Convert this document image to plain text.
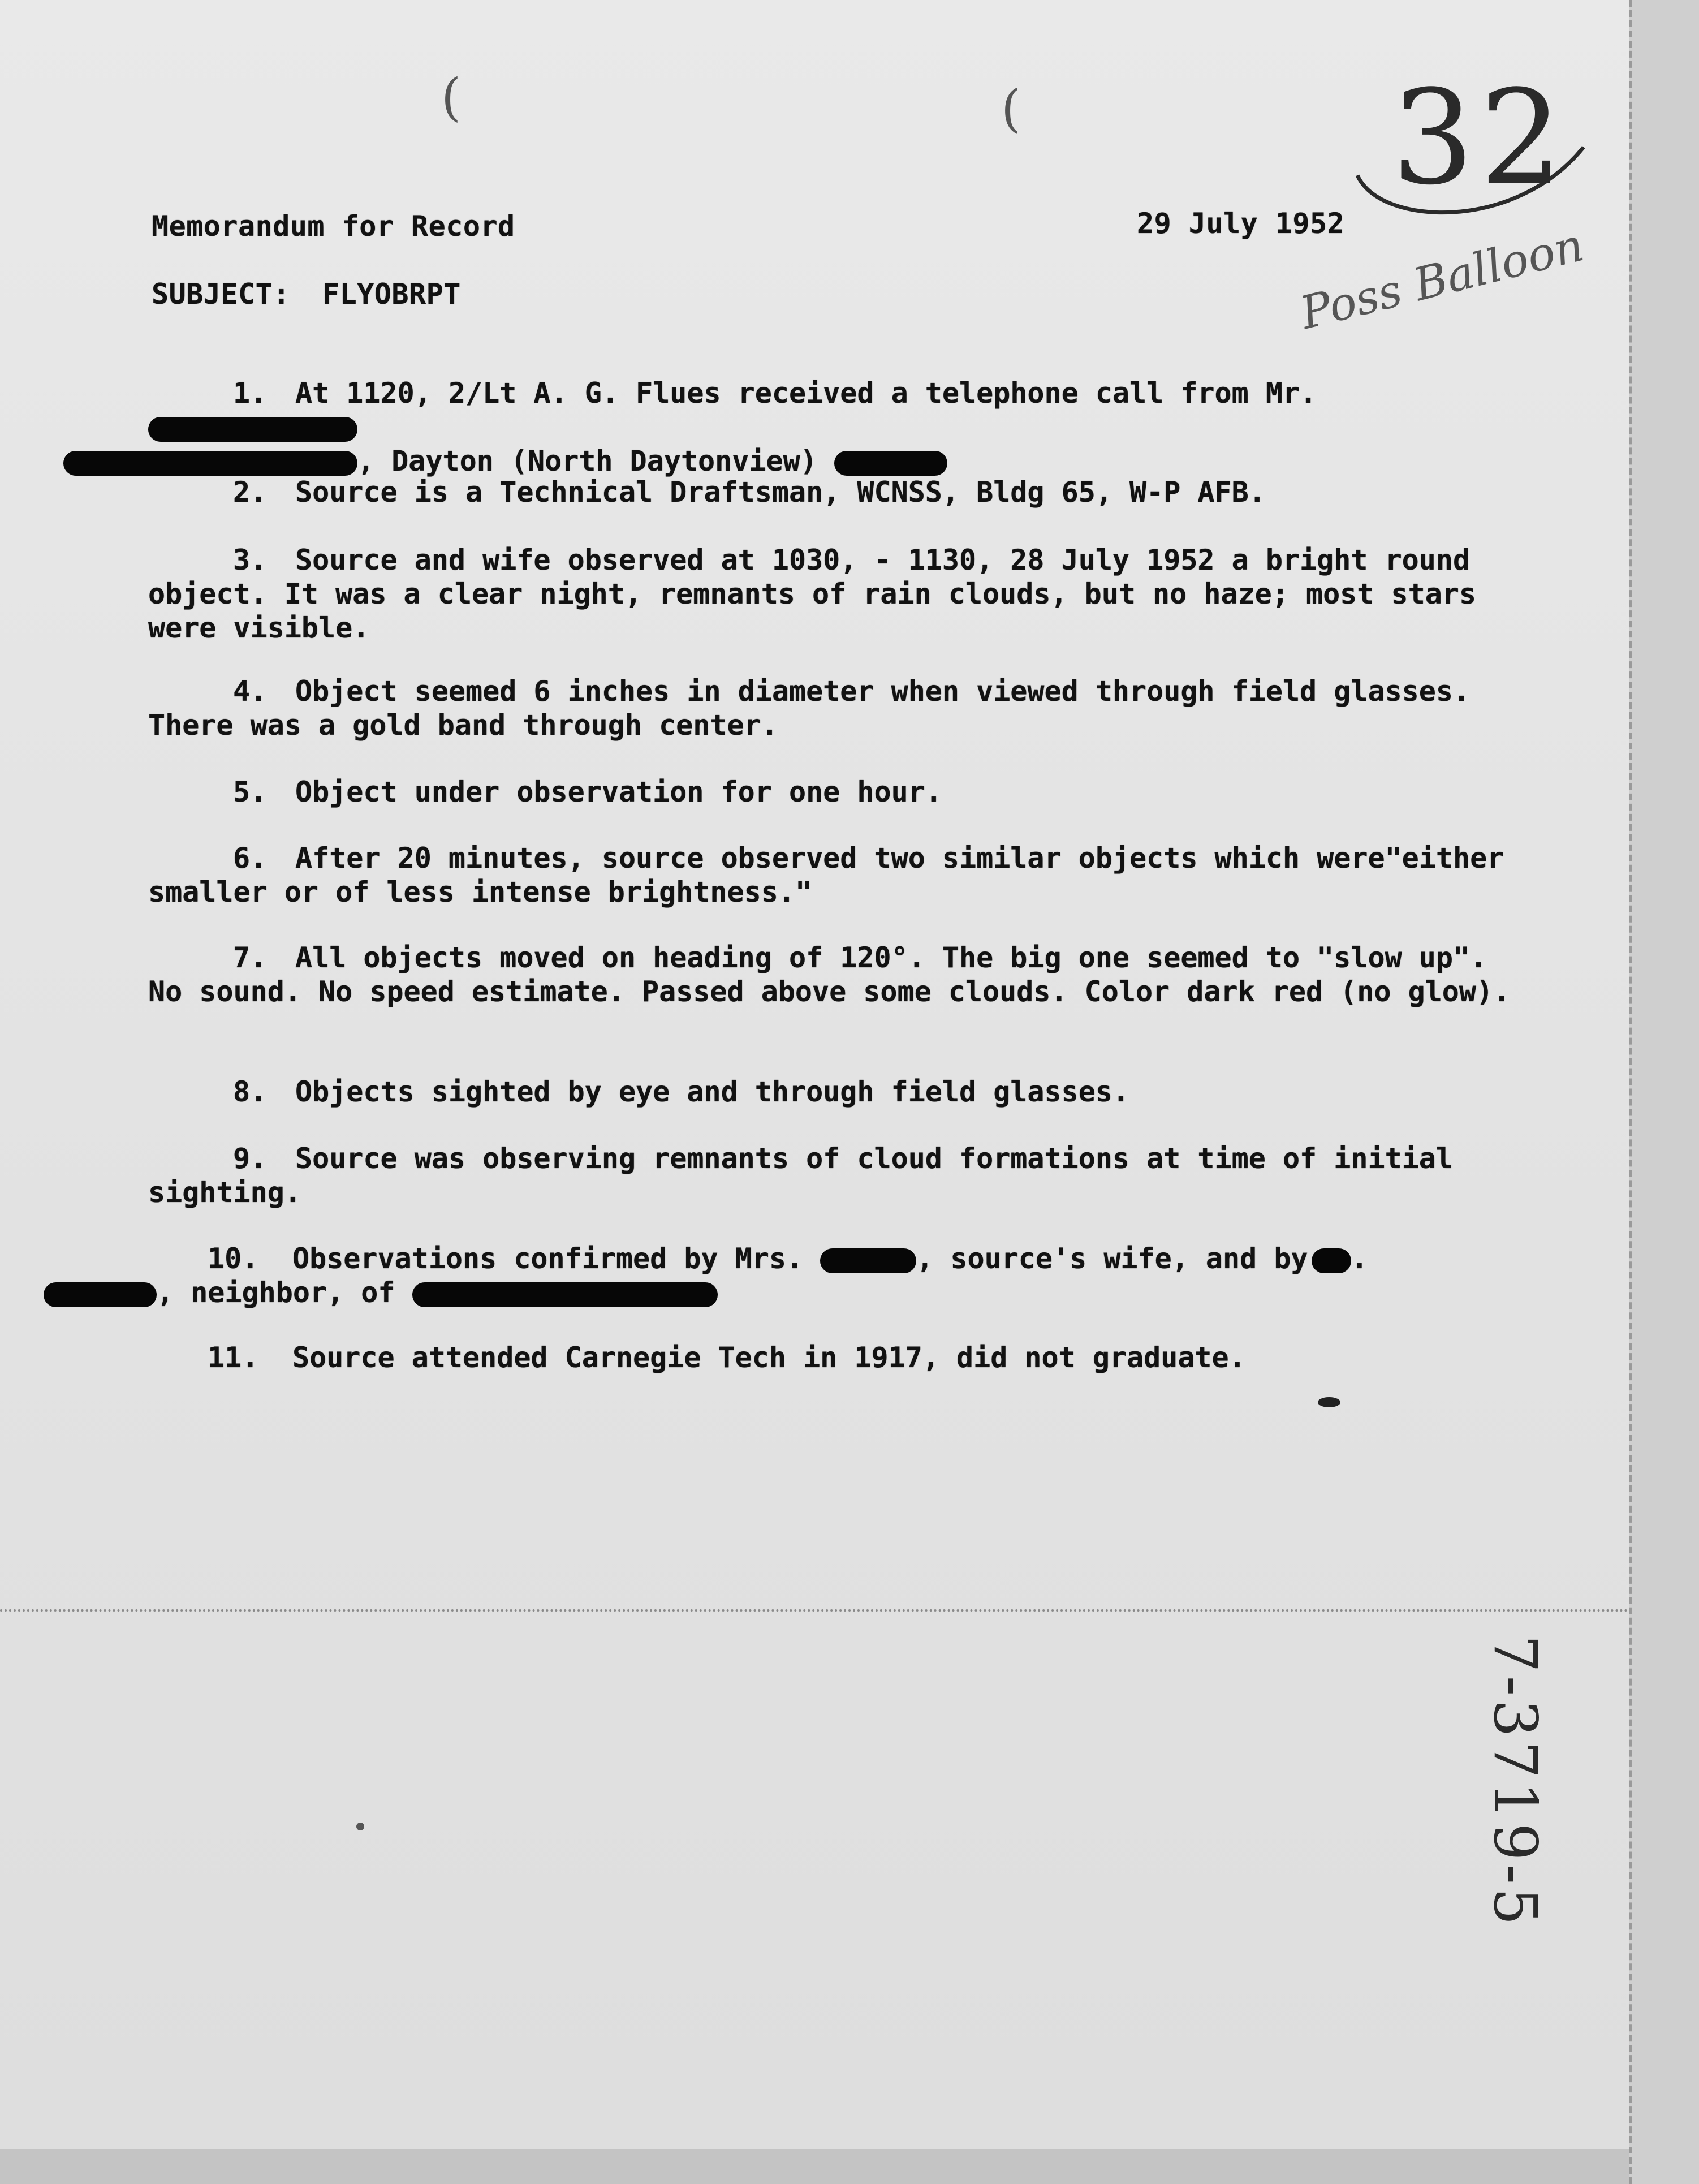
(	(	32
Poss Balloon
7-3719-5
Memorandum for Record	29 July 1952
SUBJECT: FLYOBRPT
1. At 1120, 2/Lt A. G. Flues received a telephone call from Mr.
, Dayton (North Daytonview)
2. Source is a Technical Draftsman, WCNSS, Bldg 65, W-P AFB.
3. Source and wife observed at 1030, - 1130, 28 July 1952 a bright round object. It was a clear night, remnants of rain clouds, but no haze; most stars were visible.
4. Object seemed 6 inches in diameter when viewed through field glasses. There was a gold band through center.
5. Object under observation for one hour.
6. After 20 minutes, source observed two similar objects which were"either smaller or of less intense brightness."
7. All objects moved on heading of 120°. The big one seemed to "slow up". No sound. No speed estimate. Passed above some clouds. Color dark red (no glow).
8. Objects sighted by eye and through field glasses.
9. Source was observing remnants of cloud formations at time of initial sighting.
10. Observations confirmed by Mrs.	, source's wife, and by .
, neighbor, of
11. Source attended Carnegie Tech in 1917, did not graduate.
